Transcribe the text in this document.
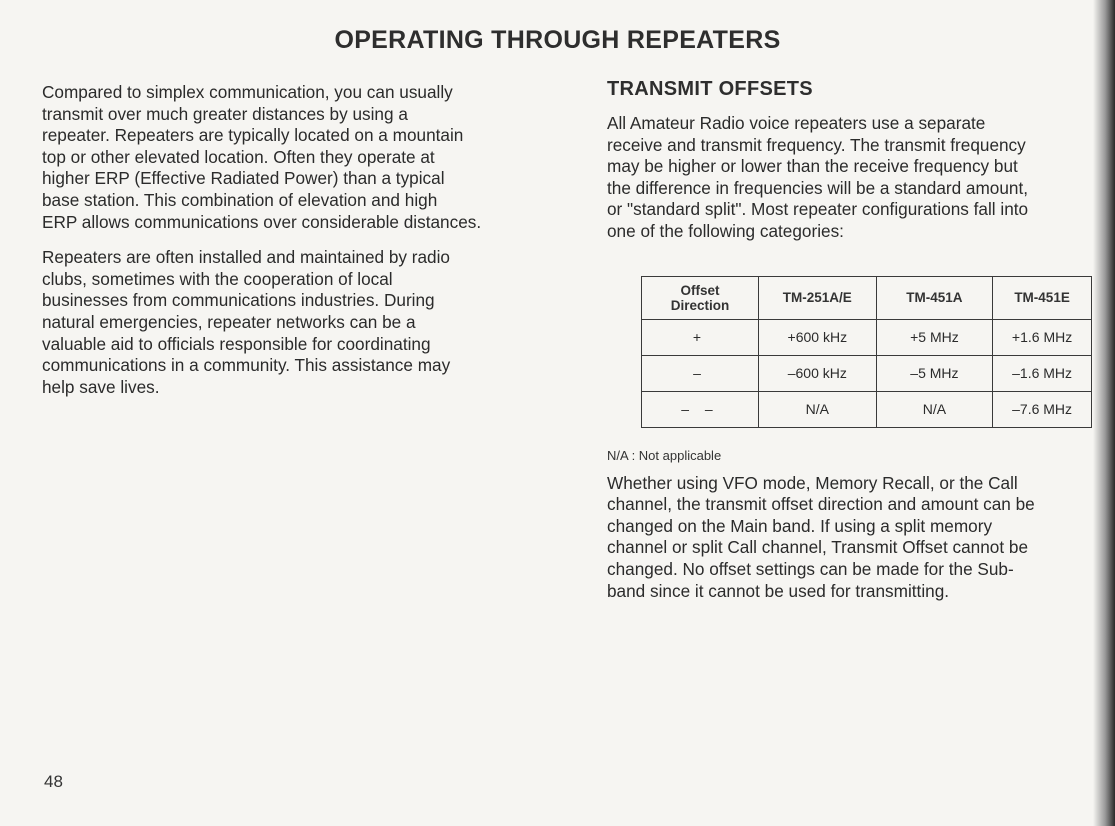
OPERATING THROUGH REPEATERS

Compared to simplex communication, you can usually
transmit over much greater distances by using a
repeater. Repeaters are typically located on a mountain
top or other elevated location. Often they operate at
higher ERP (Effective Radiated Power) than a typical
base station. This combination of elevation and high
ERP allows communications over considerable distances.

Repeaters are often installed and maintained by radio
clubs, sometimes with the cooperation of local
businesses from communications industries. During
natural emergencies, repeater networks can be a
valuable aid to officials responsible for coordinating
communications in a community. This assistance may
help save lives.

TRANSMIT OFFSETS

All Amateur Radio voice repeaters use a separate
receive and transmit frequency. The transmit frequency
may be higher or lower than the receive frequency but
the difference in frequencies will be a standard amount,
or "standard split". Most repeater configurations fall into
one of the following categories:

Offset
Direction	TM-251A/E	TM-451A	TM-451E
+	+600 kHz	+5 MHz	+1.6 MHz
–	–600 kHz	–5 MHz	–1.6 MHz
– –	N/A	N/A	–7.6 MHz

N/A : Not applicable

Whether using VFO mode, Memory Recall, or the Call
channel, the transmit offset direction and amount can be
changed on the Main band. If using a split memory
channel or split Call channel, Transmit Offset cannot be
changed. No offset settings can be made for the Sub-
band since it cannot be used for transmitting.

48
